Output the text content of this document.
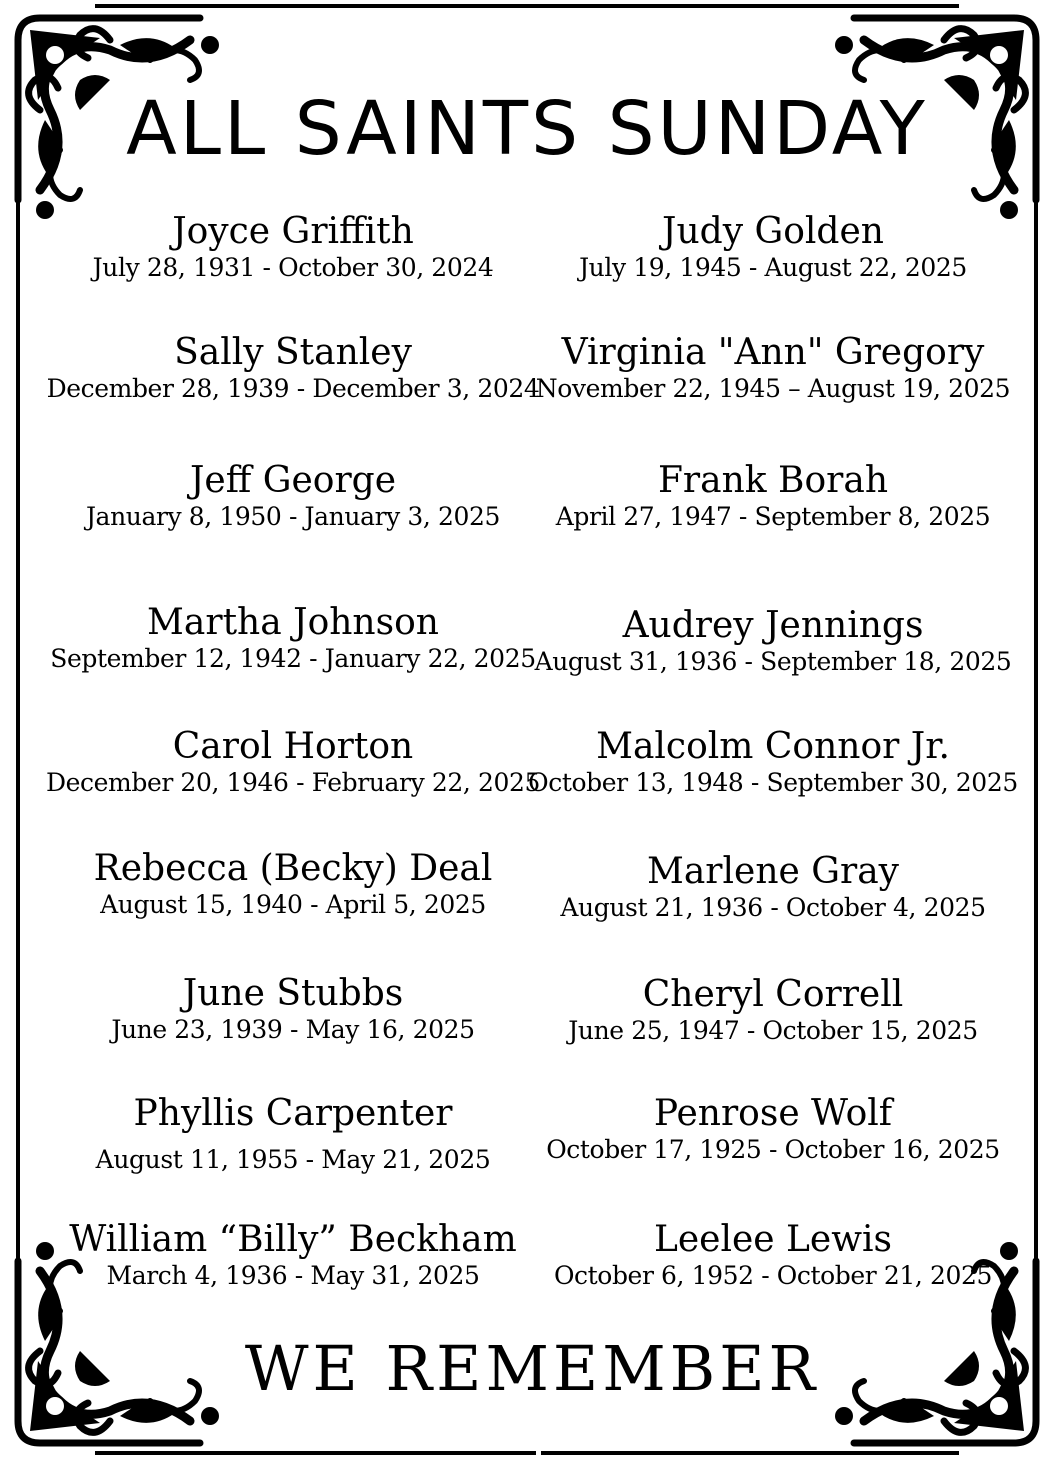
ALL SAINTS SUNDAY
Joyce Griffith
July 28, 1931 - October 30, 2024
Sally Stanley
December 28, 1939 - December 3, 2024
Jeff George
January 8, 1950 - January 3, 2025
Martha Johnson
September 12, 1942 - January 22, 2025
Carol Horton
December 20, 1946 - February 22, 2025
Rebecca (Becky) Deal
August 15, 1940 - April 5, 2025
June Stubbs
June 23, 1939 - May 16, 2025
Phyllis Carpenter
August 11, 1955 - May 21, 2025
William “Billy” Beckham
March 4, 1936 - May 31, 2025
Judy Golden
July 19, 1945 - August 22, 2025
Virginia "Ann" Gregory
November 22, 1945 – August 19, 2025
Frank Borah
April 27, 1947 - September 8, 2025
Audrey Jennings
August 31, 1936 - September 18, 2025
Malcolm Connor Jr.
October 13, 1948 - September 30, 2025
Marlene Gray
August 21, 1936 - October 4, 2025
Cheryl Correll
June 25, 1947 - October 15, 2025
Penrose Wolf
October 17, 1925 - October 16, 2025
Leelee Lewis
October 6, 1952 - October 21, 2025
WE REMEMBER
